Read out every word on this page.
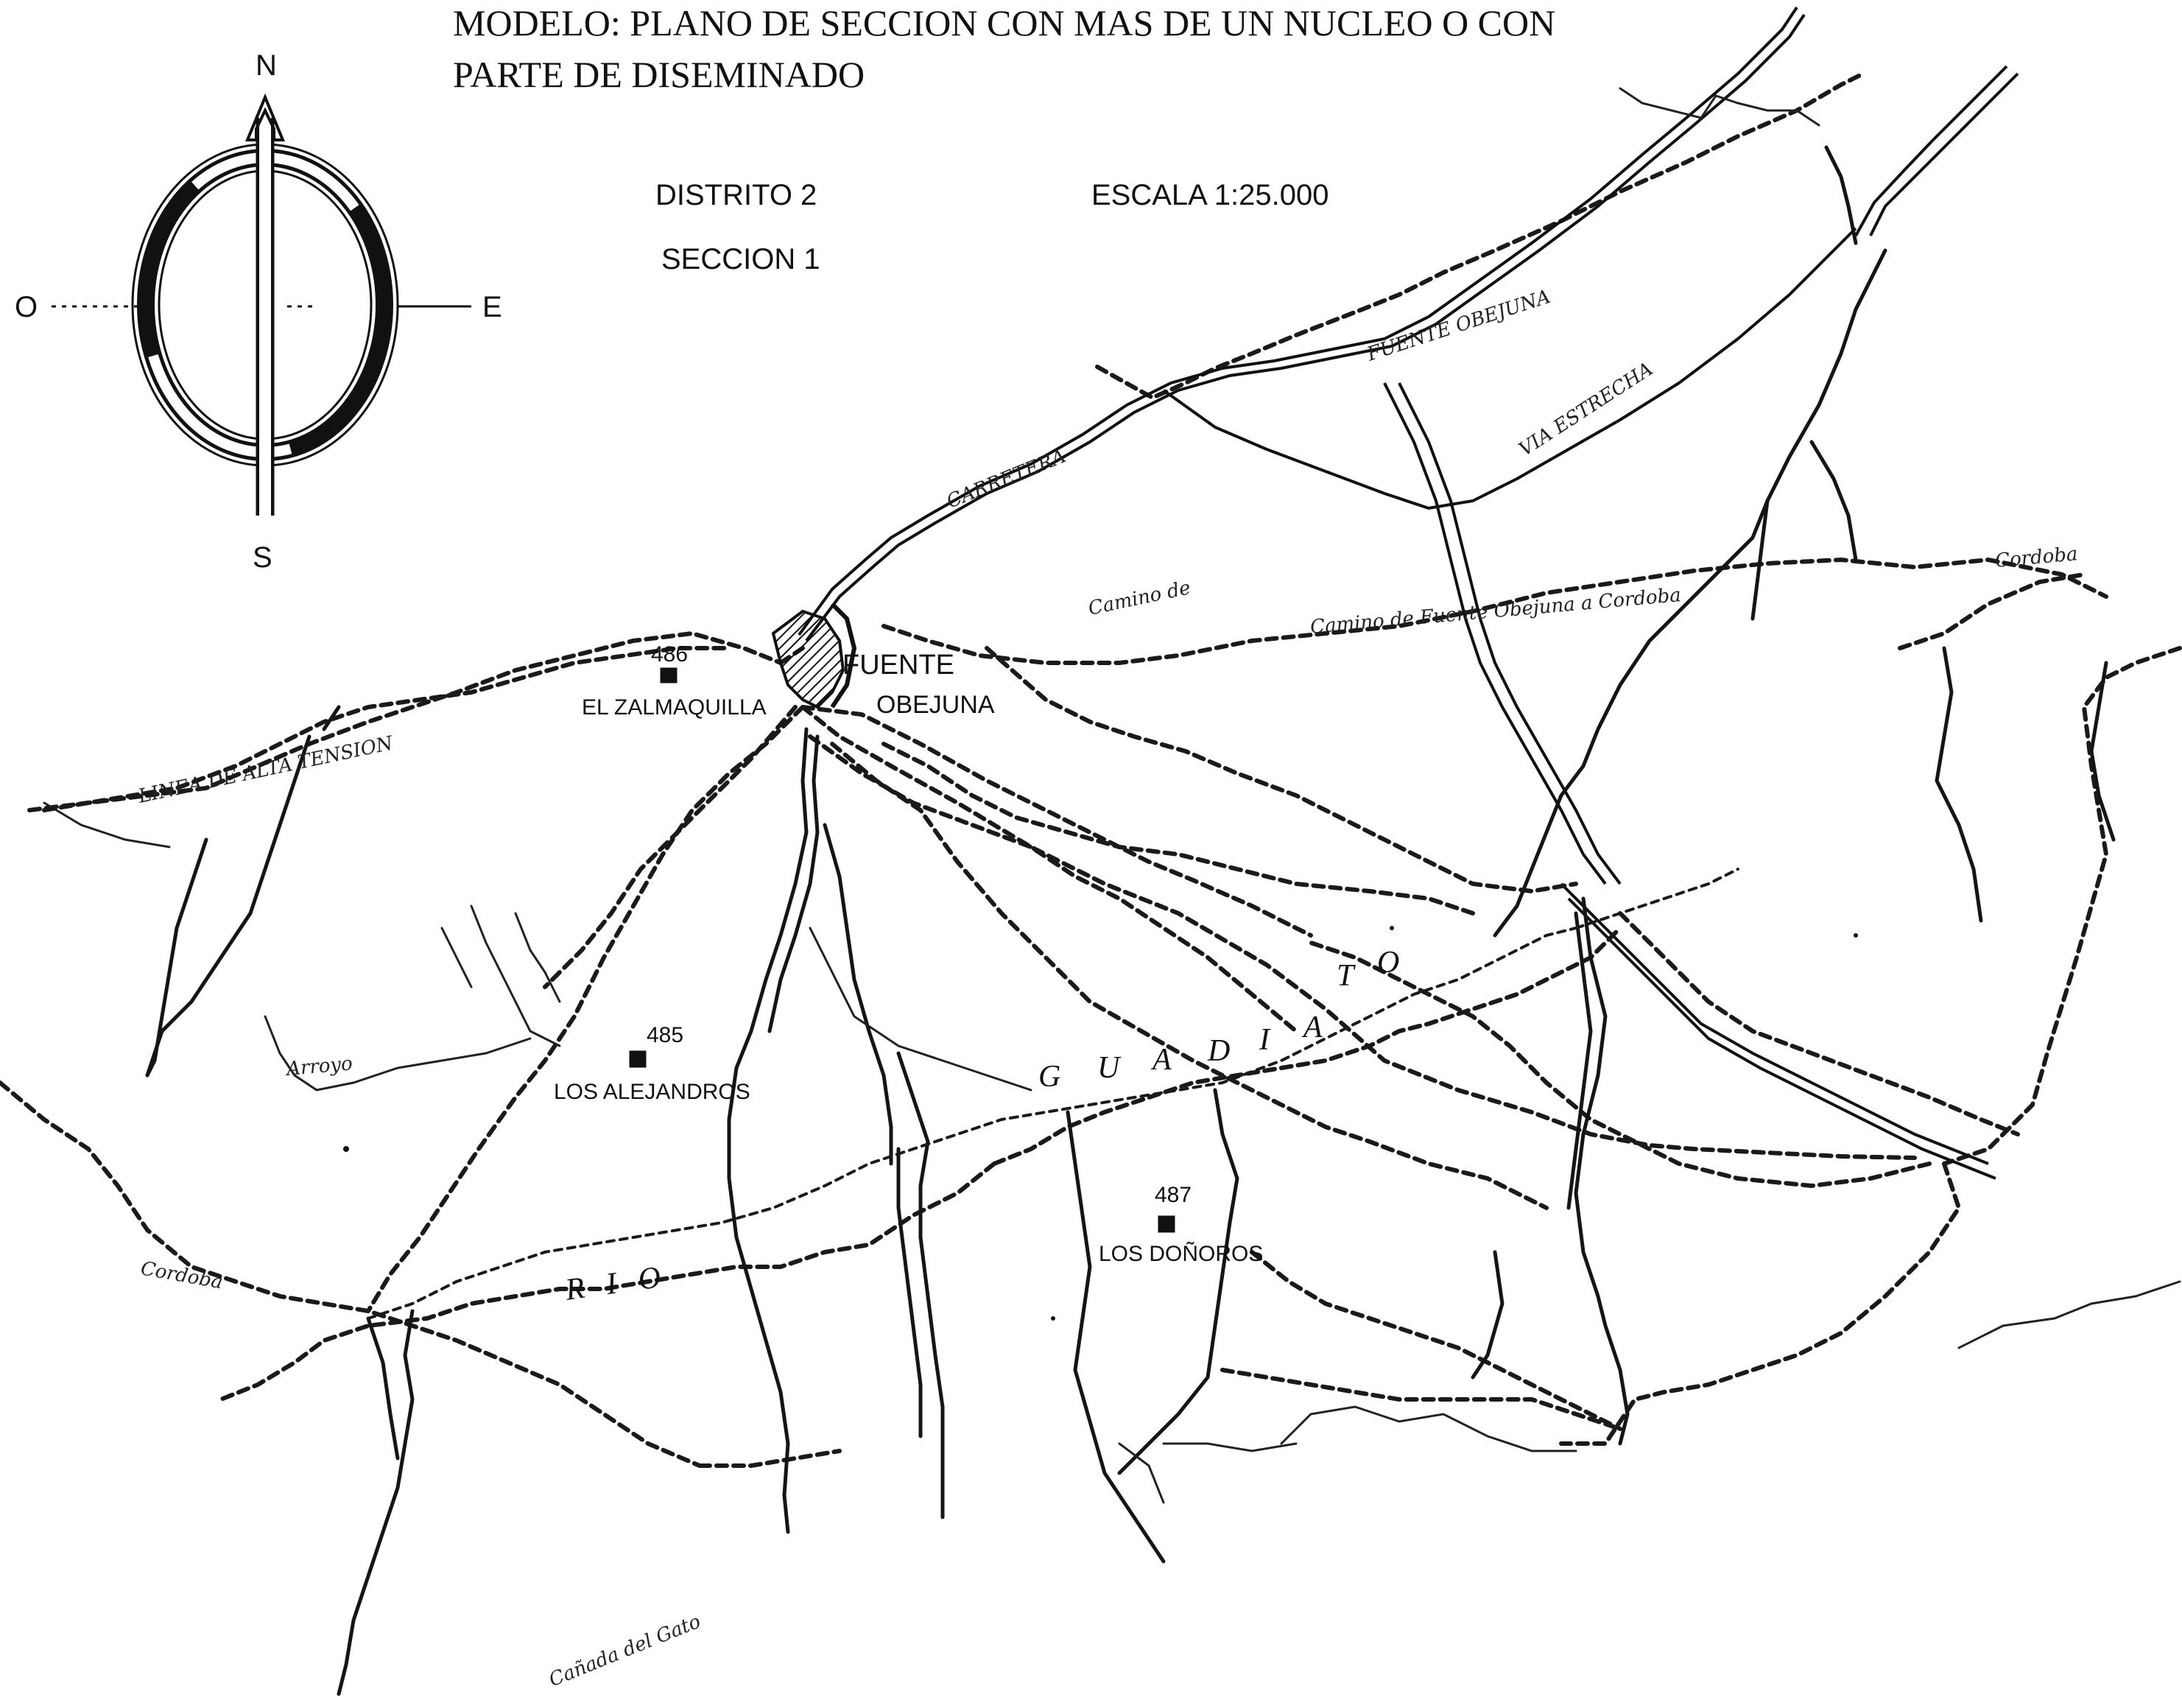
MODELO: PLANO DE SECCION CON MAS DE UN NUCLEO O CON
PARTE DE DISEMINADO
DISTRITO 2
SECCION 1
ESCALA 1:25.000
N
S
E
O
486
EL ZALMAQUILLA
485
LOS ALEJANDROS
487
LOS DOÑOROS
FUENTE
OBEJUNA
RIO
G U A D I A
T O
CARRETERA
FUENTE OBEJUNA
VIA ESTRECHA
LINEA DE ALTA TENSION
Camino de	Camino de Fuente Obejuna a Cordoba
Cordoba
Cordoba
Arroyo
Cañada del Gato
